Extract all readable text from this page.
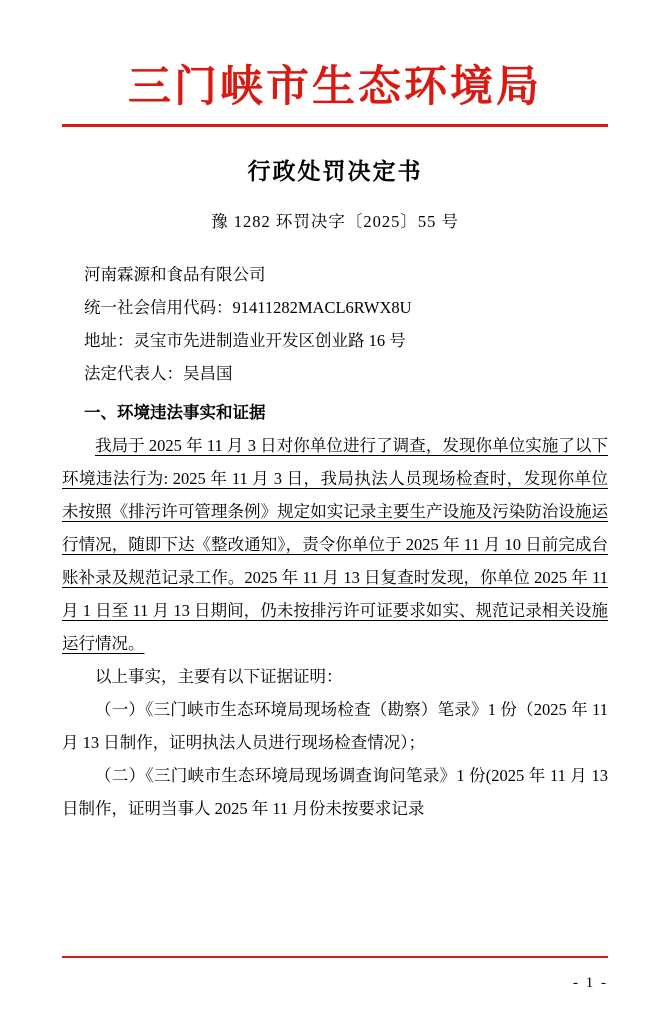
三门峡市生态环境局
行政处罚决定书
豫 1282 环罚决字〔2025〕55 号
河南霖源和食品有限公司
统一社会信用代码：91411282MACL6RWX8U
地址：灵宝市先进制造业开发区创业路 16 号
法定代表人：吴昌国
一、环境违法事实和证据

我局于 2025 年 11 月 3 日对你单位进行了调查，发现你单位实施了以下环境违法行为: 2025 年 11 月 3 日，我局执法人员现场检查时，发现你单位未按照《排污许可管理条例》规定如实记录主要生产设施及污染防治设施运行情况，随即下达《整改通知》，责令你单位于 2025 年 11 月 10 日前完成台账补录及规范记录工作。2025 年 11 月 13 日复查时发现，你单位 2025 年 11 月 1 日至 11 月 13 日期间，仍未按排污许可证要求如实、规范记录相关设施运行情况。

以上事实，主要有以下证据证明：

（一）《三门峡市生态环境局现场检查（勘察）笔录》1 份（2025 年 11 月 13 日制作，证明执法人员进行现场检查情况）；

（二）《三门峡市生态环境局现场调查询问笔录》1 份(2025 年 11 月 13 日制作，证明当事人 2025 年 11 月份未按要求记录

- 1 -
